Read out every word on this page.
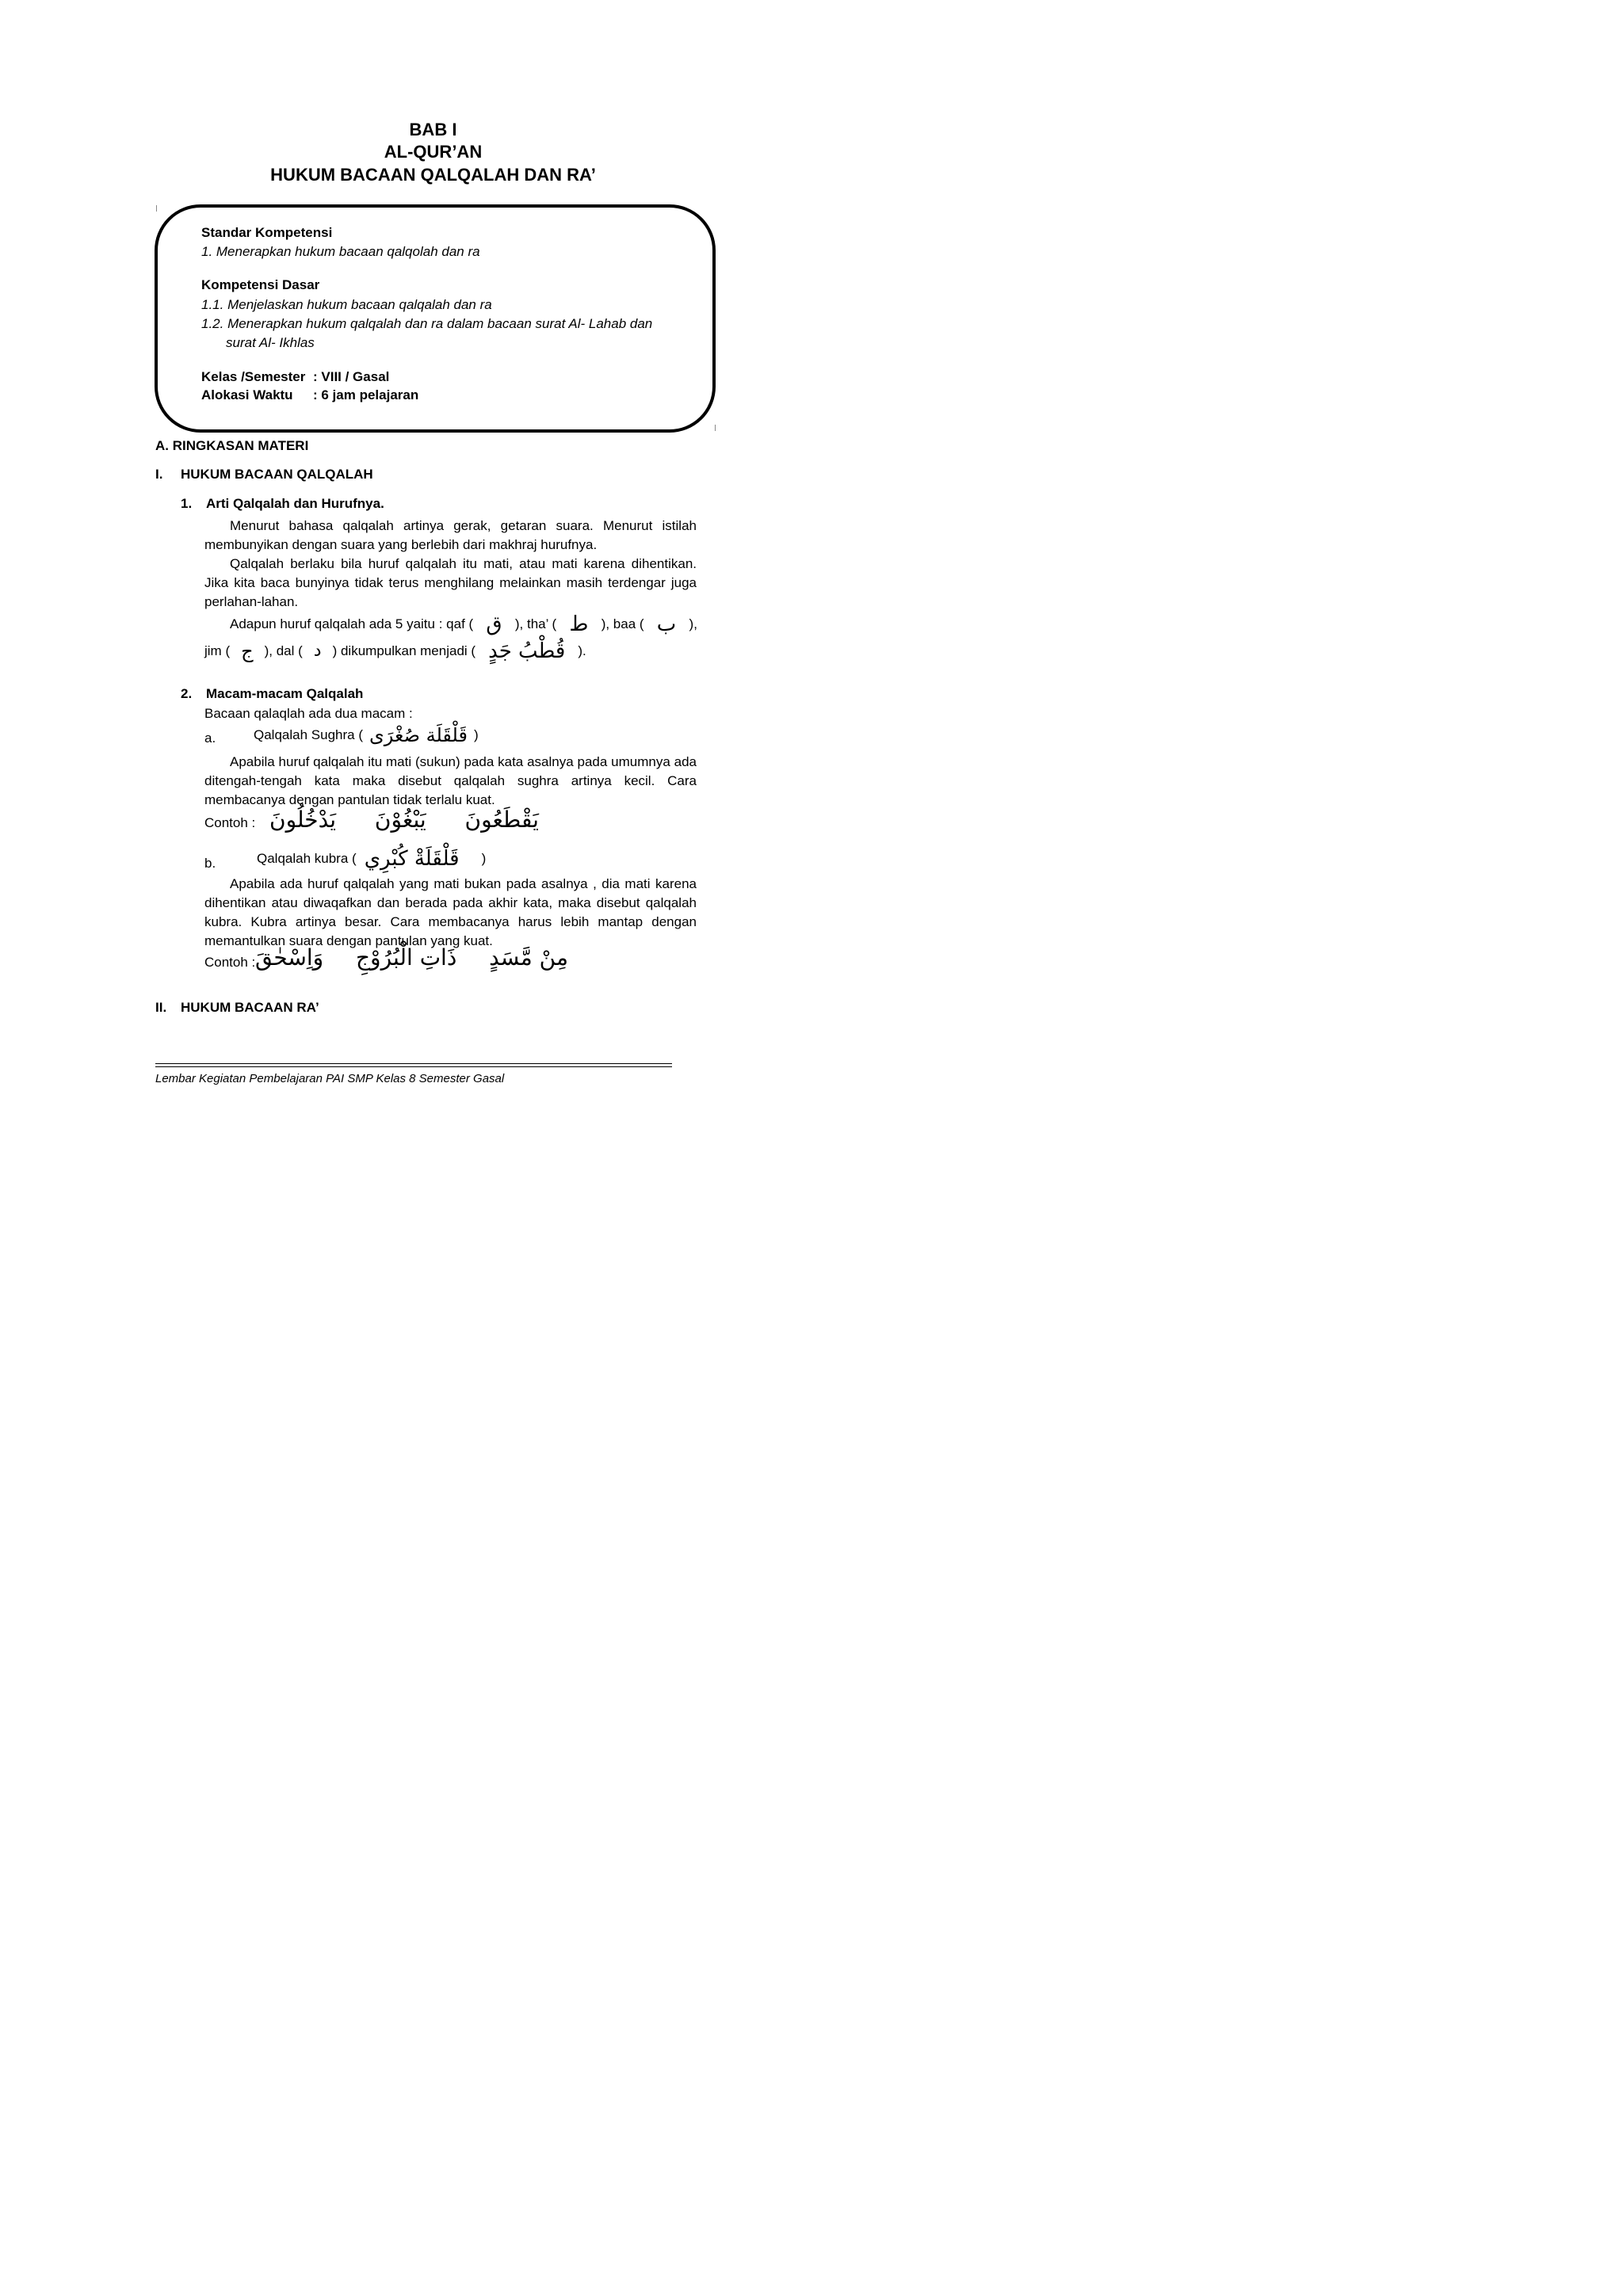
BAB I
AL-QUR’AN
HUKUM BACAAN QALQALAH DAN RA’
Standar Kompetensi
1. Menerapkan hukum bacaan qalqolah dan ra
Kompetensi Dasar
1.1. Menjelaskan hukum bacaan qalqalah dan ra
1.2. Menerapkan hukum qalqalah dan ra dalam bacaan surat Al- Lahab dan
surat Al- Ikhlas
Kelas /Semester : VIII / Gasal
Alokasi Waktu : 6 jam pelajaran
A. RINGKASAN MATERI
I. HUKUM BACAAN QALQALAH
1. Arti Qalqalah dan Hurufnya.
Menurut bahasa qalqalah artinya gerak, getaran suara. Menurut istilah membunyikan dengan suara yang berlebih dari makhraj hurufnya.
Qalqalah berlaku bila huruf qalqalah itu mati, atau mati karena dihentikan. Jika kita baca bunyinya tidak terus menghilang melainkan masih terdengar juga perlahan-lahan.
Adapun huruf qalqalah ada 5 yaitu : qaf ( ق ), tha’ ( ط ), baa ( ب ),
jim ( ج ), dal ( د ) dikumpulkan menjadi ( قُطْبُ جَدٍ ).
2. Macam-macam Qalqalah
Bacaan qalaqlah ada dua macam :
a.	Qalqalah Sughra ( قَلْقَلَة صُغْرَى )
Apabila huruf qalqalah itu mati (sukun) pada kata asalnya pada umumnya ada ditengah-tengah kata maka disebut qalqalah sughra artinya kecil. Cara membacanya dengan pantulan tidak terlalu kuat.
Contoh : يَدْخُلُونَ يَبْغُوْنَ يَقْطَعُونَ
b.	Qalqalah kubra ( قَلْقَلَةْ كُبْرِي )
Apabila ada huruf qalqalah yang mati bukan pada asalnya , dia mati karena dihentikan atau diwaqafkan dan berada pada akhir kata, maka disebut qalqalah kubra. Kubra artinya besar. Cara membacanya harus lebih mantap dengan memantulkan suara dengan pantulan yang kuat.
Contoh : وَاِسْحٰقَ ذَاتِ الْبُرُوْجِ مِنْ مَّسَدٍ
II. HUKUM BACAAN RA’
Lembar Kegiatan Pembelajaran PAI SMP Kelas 8 Semester Gasal
